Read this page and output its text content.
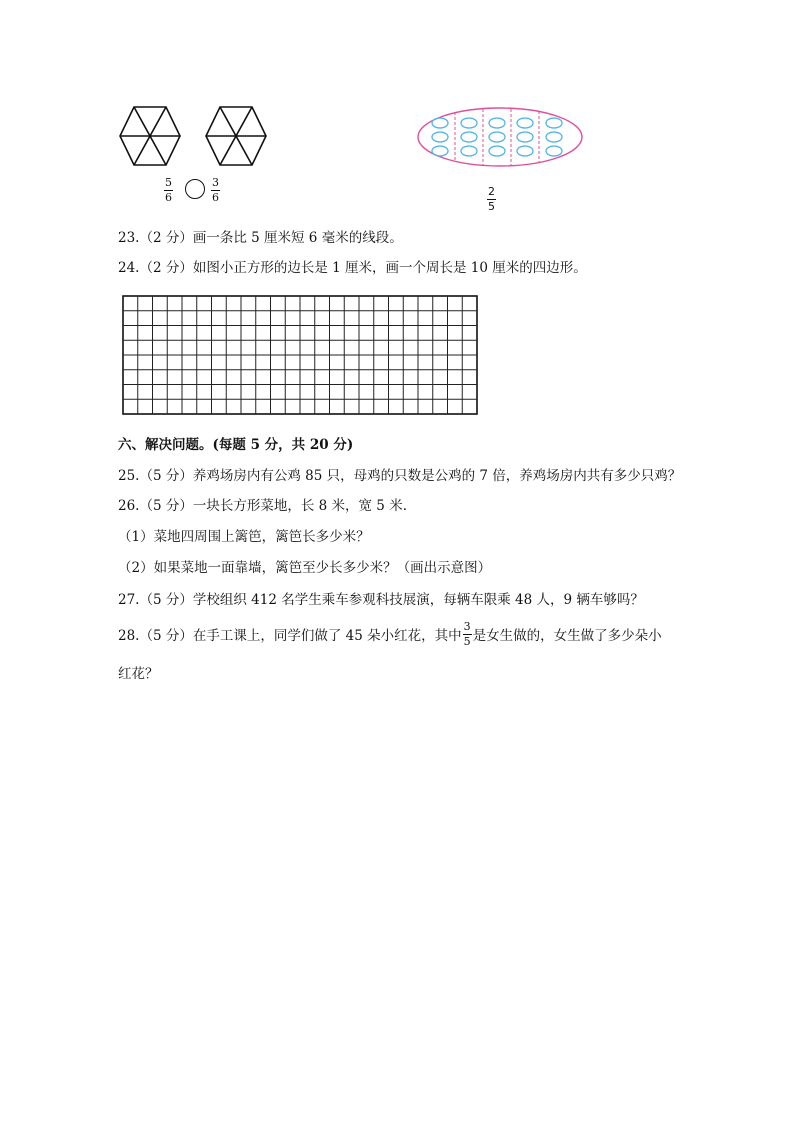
5
6
3
6	2
5
23.（2 分）画一条比 5 厘米短 6 毫米的线段。
24.（2 分）如图小正方形的边长是 1 厘米，画一个周长是 10 厘米的四边形。
六、解决问题。(每题 5 分，共 20 分)
25.（5 分）养鸡场房内有公鸡 85 只，母鸡的只数是公鸡的 7 倍，养鸡场房内共有多少只鸡？
26.（5 分）一块长方形菜地，长 8 米，宽 5 米．
（1）菜地四周围上篱笆，篱笆长多少米？
（2）如果菜地一面靠墙，篱笆至少长多少米？（画出示意图）
27.（5 分）学校组织 412 名学生乘车参观科技展演，每辆车限乘 48 人，9 辆车够吗？
28.（5 分）在手工课上，同学们做了 45 朵小红花，其中 $\frac{3}{5}$ 是女生做的，女生做了多少朵小
红花？
